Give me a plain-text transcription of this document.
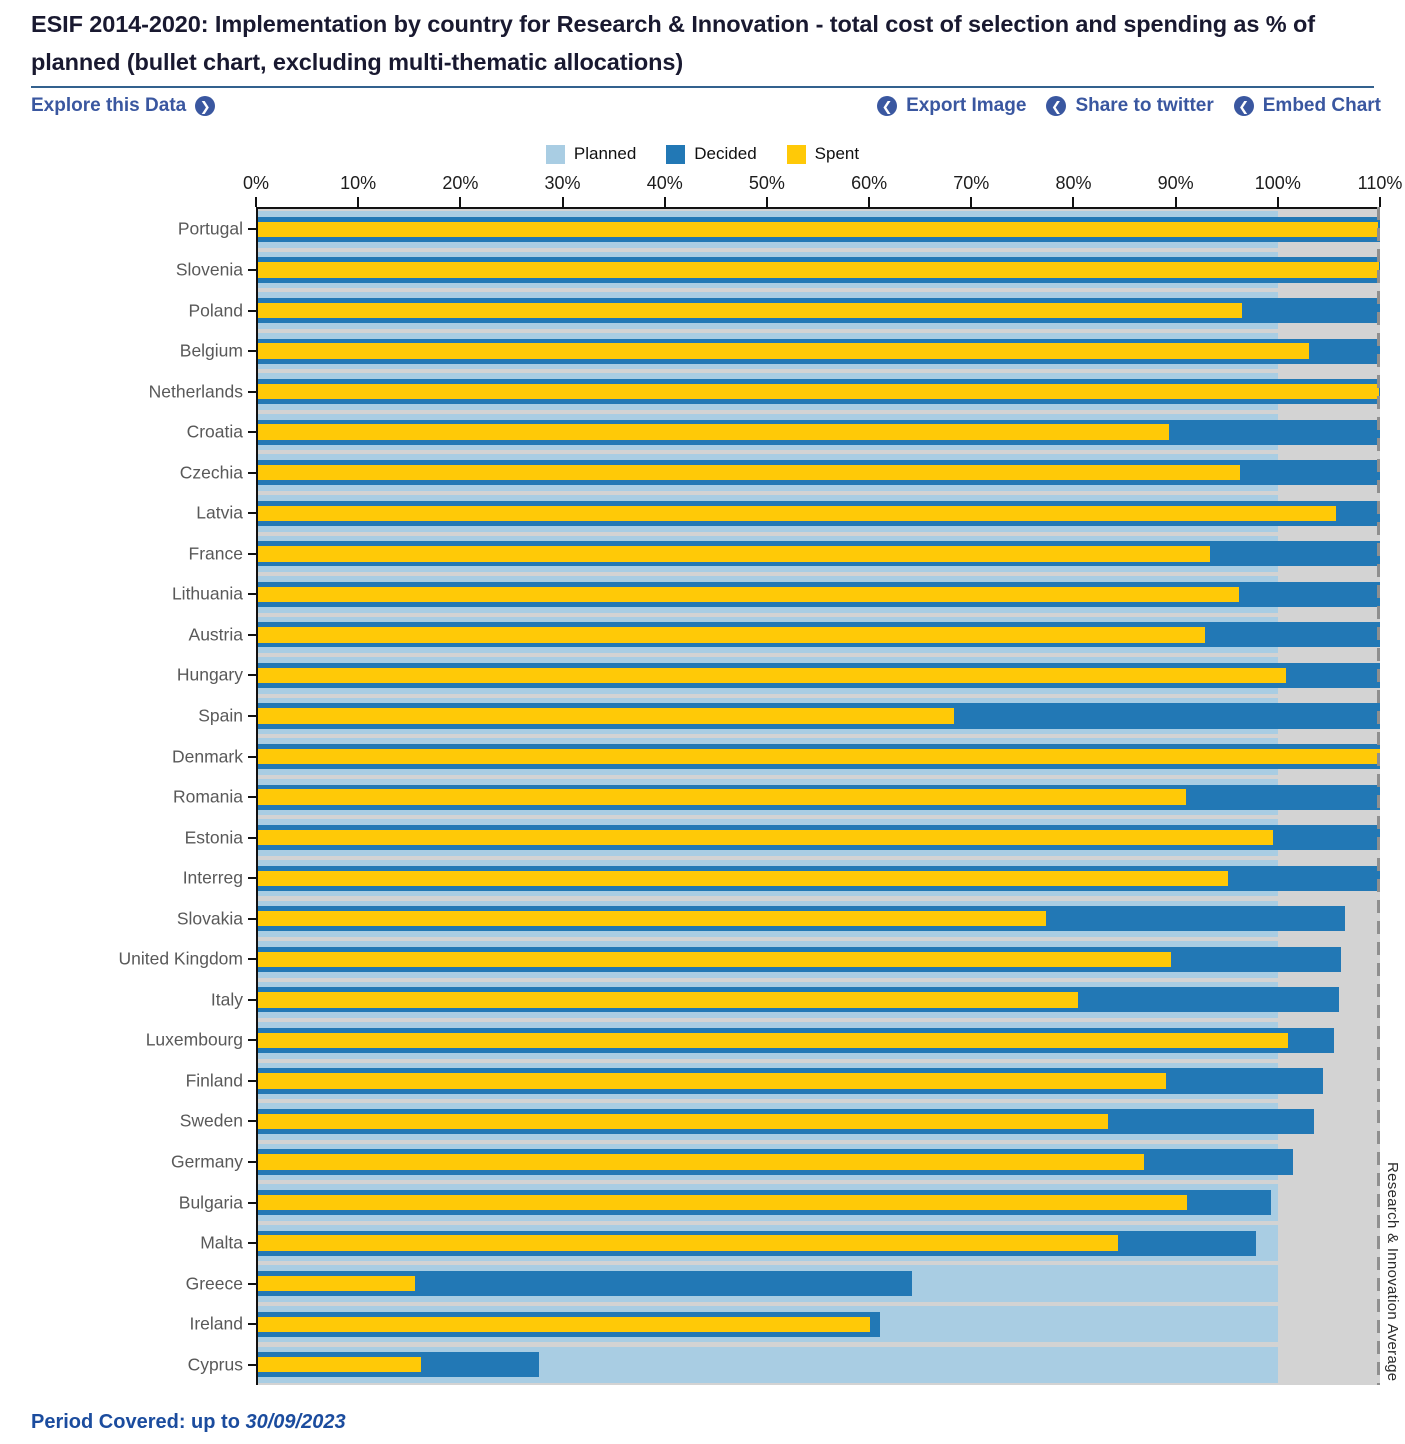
ESIF 2014-2020: Implementation by country for Research & Innovation - total cost of selection and spending as % of planned (bullet chart, excluding multi-thematic allocations)
Explore this Data	❯	❮ Export Image	❮ Share to twitter	❮ Embed Chart
Planned	Decided	Spent
Research & Innovation Average
Portugal
Slovenia
Poland
Belgium
Netherlands
Croatia
Czechia
Latvia
France
Lithuania
Austria
Hungary
Spain
Denmark
Romania
Estonia
Interreg
Slovakia
United Kingdom
Italy
Luxembourg
Finland
Sweden
Germany
Bulgaria
Malta
Greece
Ireland
Cyprus
0%	10%	20%	30%	40%	50%	60%	70%	80%	90%	100%	110%
Period Covered: up to 30/09/2023
